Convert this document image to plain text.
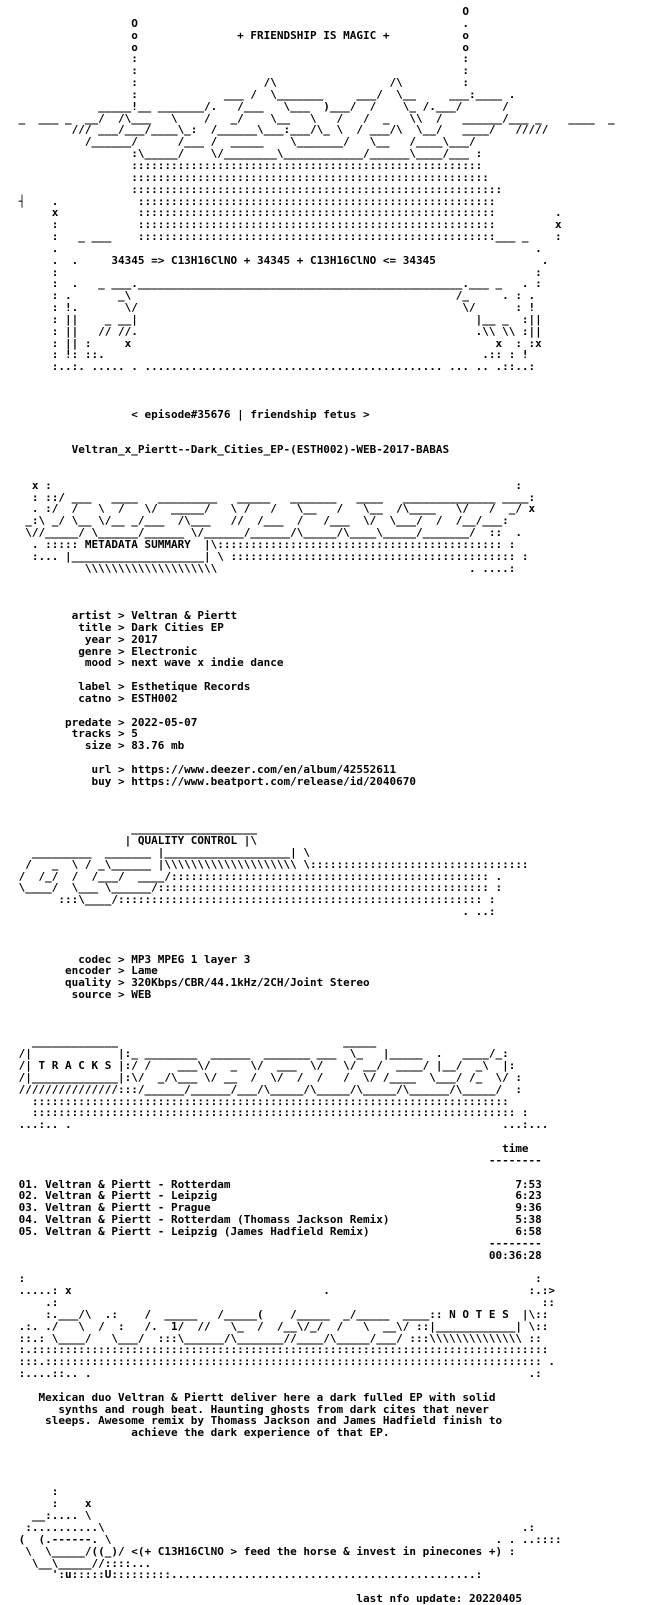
O
O                                                 .
o               + FRIENDSHIP IS MAGIC +           o
o                                                 o
:                                                 :
:                                                 :
:                   /\                 /\         :
:             ___ /  \_______     ___/  \__     ___:____ .
_____!__ _______/.   /___   \___  )___/  /    \_ /.___/      /
_  ___ _  __/  /\___   \    /   _/    \__   \   /   /  _   \\  /   ______/___ _    ____  _
/// ___/___/____\_:  /______\___:___/\_ \  / ___/\  \__/   ____/   /////
/______/      /___ /  _____    \_______/   \__   /____\___/
:\_____/    \/________\____________/______\____/___ :
:::::::::::::::::::::::::::::::::::::::::::::::::::::
::::::::::::::::::::::::::::::::::::::::::::::::::::::
::::::::::::::::::::::::::::::::::::::::::::::::::::::::
┤    .            ::::::::::::::::::::::::::::::::::::::::::::::::::::::
x            ::::::::::::::::::::::::::::::::::::::::::::::::::::::         .
:            ::::::::::::::::::::::::::::::::::::::::::::::::::::::         x
:   _ ___    ::::::::::::::::::::::::::::::::::::::::::::::::::::::___ _    :
.                                                                        .
.  .     34345 => C13H16ClNO + 34345 + C13H16ClNO <= 34345                .
:                                                                        :
:  .   _ ___._________________________________________________.___ _   . :
: .       _\                                                 /_     . : .
: !.       \/                                                 \/      : !
: ||    _ __|                                                   |__ _  :||
: ||   // //.                                                   .\\ \\ :||
: || :     x                                                       x  : :x
: !: ::.                                                         .:: : !
:..:. ..... . ............................................. ... .. .::..:
< episode#35676 | friendship fetus >
Veltran_x_Piertt--Dark_Cities_EP-(ESTH002)-WEB-2017-BABAS
x :                                                                      :
: ::/ ___   ____   _________   _____   _______   ____   ______________ ____:
. :/  /   \  /   \/  _____/   \ /   /   \__   /   \__  /\____   \/   /  _/ x
_:\ _/ \__ \/__ _/___  /\___   //  /___  /   /___  \/  \___/  /  /__/___:
\//_____/ \______/______ \/______/______/\_____/\____\_____/_______/  ::  .
. ::::: METADATA SUMMARY  |\::::::::::::::::::::::::::::::::::::::::::: :
:... |____________________| \ ::::::::::::::::::::::::::::::::::::::::::: :
\\\\\\\\\\\\\\\\\\\\                                      . ....:
artist > Veltran & Piertt
title > Dark Cities EP
year > 2017
genre > Electronic
mood > next wave x indie dance
label > Esthetique Records
catno > ESTH002
predate > 2022-05-07
tracks > 5
size > 83.76 mb
url > https://www.deezer.com/en/album/42552611
buy > https://www.beatport.com/release/id/2040670
___________________
| QUALITY CONTROL |\
_________  _______ |___________________| \
/   _  \ / _\______ |\\\\\\\\\\\\\\\\\\\\ \:::::::::::::::::::::::::::::::::
/  /_/  /  /___/  ____/:::::::::::::::::::::::::::::::::::::::::::::::: .
\____/  \___ \______/:::::::::::::::::::::::::::::::::::::::::::::::::: :
:::\____/::::::::::::::::::::::::::::::::::::::::::::::::::::::: :
. ..:
codec > MP3 MPEG 1 layer 3
encoder > Lame
quality > 320Kbps/CBR/44.1kHz/2CH/Joint Stereo
source > WEB
_____________                                  _____
/|             |:_ ________  ______  _______ ___  \_   |_____  .   ____/_:
/| T R A C K S |:/ /    ___\/   _  \/  ___  \/   \/ __/  ____/ |__/  _\  |:
/|_____________|:\/  _/\___ \/ __  /  \/  /  /   /  \/ /____  \___/ /_  \/ :
///////////////:::/______/______/___/\_____/\_____/\_____/\______/\_____/  :
::::::::::::::::::::::::::::::::::::::::::::::::::::::::::::::::::::::::
::::::::::::::::::::::::::::::::::::::::::::::::::::::::::::::::::::::::: :
...:.. .                                                                 ...:...
time
--------
01. Veltran & Piertt - Rotterdam                                           7:53
02. Veltran & Piertt - Leipzig                                             6:23
03. Veltran & Piertt - Prague                                              9:36
04. Veltran & Piertt - Rotterdam (Thomass Jackson Remix)                   5:38
05. Veltran & Piertt - Leipzig (James Hadfield Remix)                      6:58
--------
00:36:28
:                                                                             :
.....: x                                      .                              :.:>
.:                                                                         ::
:.___/\  .:    /  _____   /_____(    /_____  _/_____  ____:: N O T E S  |\::
.:. ./   \  /  :   /.  1/  //   \_  /  /__\/_/  /   \  __\/ ::|____________| \::
::.: \____/   \___/  :::\______/\_______//____/\_____/___/ :::\\\\\\\\\\\\\\ ::
:.::::::::::::::::::::::::::::::::::::::::::::::::::::::::::::::::::::::::::::::
:::.::::::::::::::::::::::::::::::::::::::::::::::::::::::::::::::::::::::::::: .
:....::.. .                                                                  .:
Mexican duo Veltran & Piertt deliver here a dark fulled EP with solid
synths and rough beat. Haunting ghosts from dark cites that never
sleeps. Awesome remix by Thomass Jackson and James Hadfield finish to
achieve the dark experience of that EP.
:
:    x
__:.... \
:..........\                                                               .:
(  (.------. \                                                          . . ..::::
\  \_____/((_)/ <(+ C13H16ClNO > feed the horse & invest in pinecones +) :
\__\_____//::::...
':u:::::U:::::::::..............................................:
last nfo update: 20220405
